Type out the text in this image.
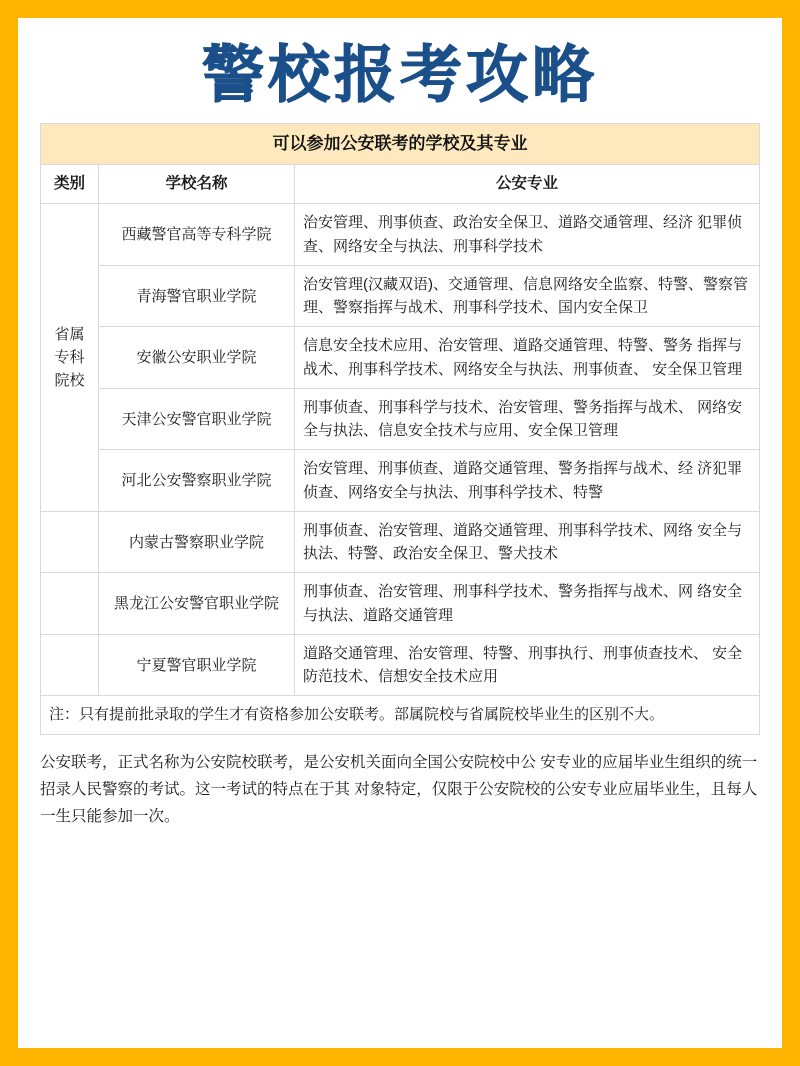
警校报考攻略
可以参加公安联考的学校及其专业		
类别	学校名称	公安专业
省属专科院校	西藏警官高等专科学院	治安管理、刑事侦查、政治安全保卫、道路交通管理、经济 犯罪侦查、网络安全与执法、刑事科学技术
	青海警官职业学院	治安管理(汉藏双语)、交通管理、信息网络安全监察、特警、警察管理、警察指挥与战术、刑事科学技术、国内安全保卫
	安徽公安职业学院	信息安全技术应用、治安管理、道路交通管理、特警、警务 指挥与战术、刑事科学技术、网络安全与执法、刑事侦查、 安全保卫管理
	天津公安警官职业学院	刑事侦查、刑事科学与技术、治安管理、警务指挥与战术、 网络安全与执法、信息安全技术与应用、安全保卫管理
	河北公安警察职业学院	治安管理、刑事侦查、道路交通管理、警务指挥与战术、经 济犯罪侦查、网络安全与执法、刑事科学技术、特警
	内蒙古警察职业学院	刑事侦查、治安管理、道路交通管理、刑事科学技术、网络 安全与执法、特警、政治安全保卫、警犬技术
	黑龙江公安警官职业学院	刑事侦查、治安管理、刑事科学技术、警务指挥与战术、网 络安全与执法、道路交通管理
	宁夏警官职业学院	道路交通管理、治安管理、特警、刑事执行、刑事侦查技术、 安全防范技术、信想安全技术应用
注：只有提前批录取的学生才有资格参加公安联考。部属院校与省属院校毕业生的区别不大。		
公安联考，正式名称为公安院校联考，是公安机关面向全国公安院校中公 安专业的应届毕业生组织的统一招录人民警察的考试。这一考试的特点在于其 对象特定，仅限于公安院校的公安专业应届毕业生，且每人一生只能参加一次。
